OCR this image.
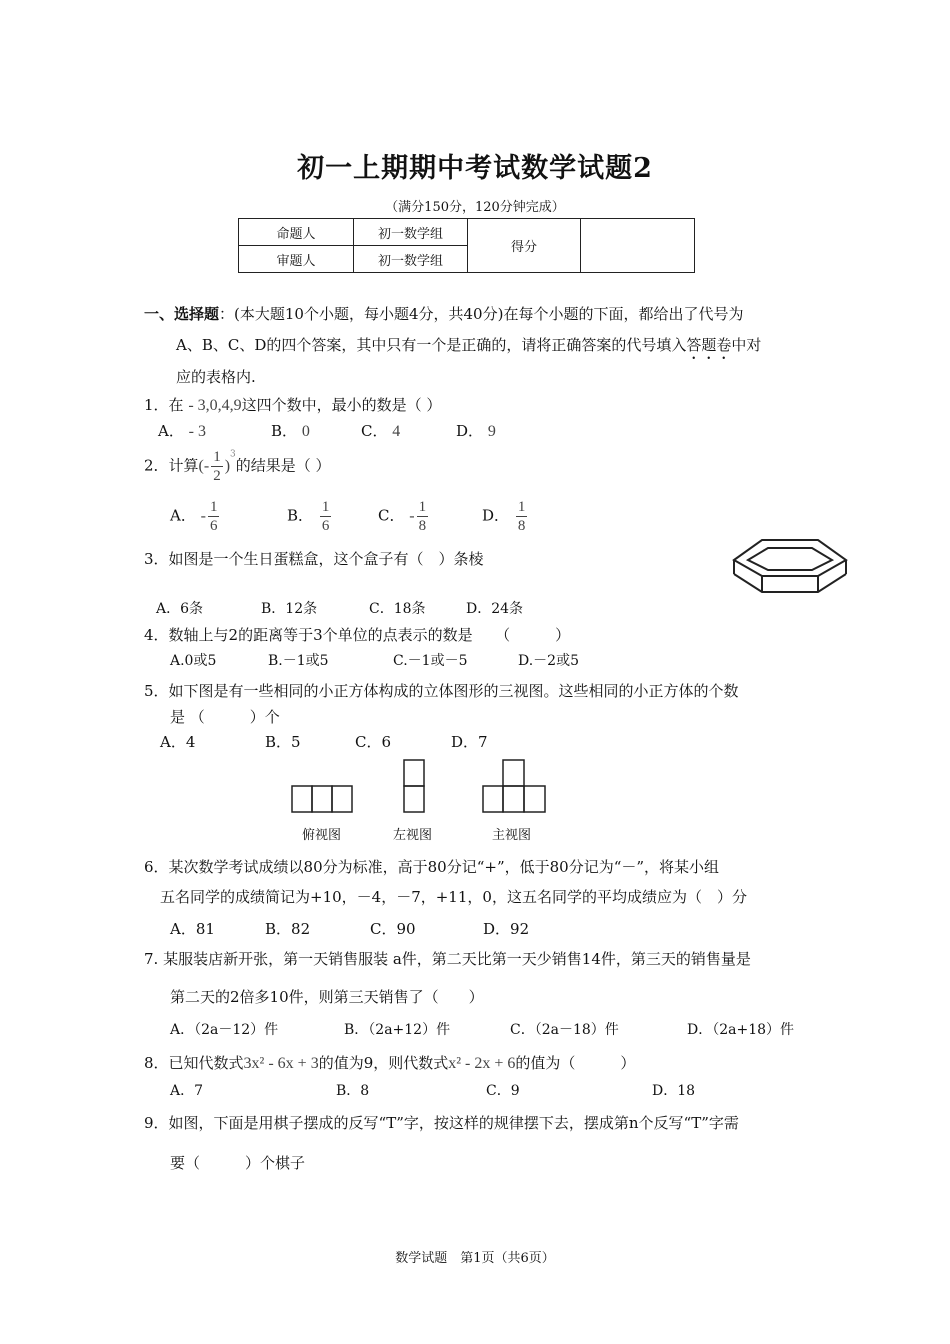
初一上期期中考试数学试题2
（满分150分，120分钟完成）
命题人	初一数学组	得分	
审题人	初一数学组		
一、选择题：(本大题10个小题，每小题4分，共40分)在每个小题的下面，都给出了代号为
A、B、C、D的四个答案，其中只有一个是正确的，请将正确答案的代号填入答题卷中对
应的表格内.
1．在 - 3,0,4,9这四个数中，最小的数是（ ）
A． - 3	B． 0	C． 4	D． 9
2．计算(- $\frac{1}{2} )^3$的结果是（ ）
A． - $\frac{1}{6}$	B． $\frac{1}{6}$	C． - $\frac{1}{8}$	D． $\frac{1}{8}$
3．如图是一个生日蛋糕盒，这个盒子有（　）条棱
A．6条	B．12条	C．18条	D．24条
4．数轴上与2的距离等于3个单位的点表示的数是　　（　　　）
A.0或5	B.－1或5	C.－1或－5	D.－2或5
5．如下图是有一些相同的小正方体构成的立体图形的三视图。这些相同的小正方体的个数
是 （　　　）个
A．4	B．5	C．6	D．7
俯视图	左视图	主视图
6．某次数学考试成绩以80分为标准，高于80分记“+”，低于80分记为“－”，将某小组
五名同学的成绩简记为+10，－4，－7，+11，0，这五名同学的平均成绩应为（　）分
A．81	B．82	C．90	D．92
7. 某服装店新开张，第一天销售服装 a件，第二天比第一天少销售14件，第三天的销售量是
第二天的2倍多10件，则第三天销售了（　　）
A．（2a－12）件	B．（2a+12）件	C．（2a－18）件	D．（2a+18）件
8．已知代数式3x² - 6x + 3的值为9，则代数式x² - 2x + 6的值为（　　　）
A．7	B．8	C．9	D．18
9．如图，下面是用棋子摆成的反写“T”字，按这样的规律摆下去，摆成第n个反写“T”字需
要（　　　）个棋子
数学试题　第1页（共6页）
